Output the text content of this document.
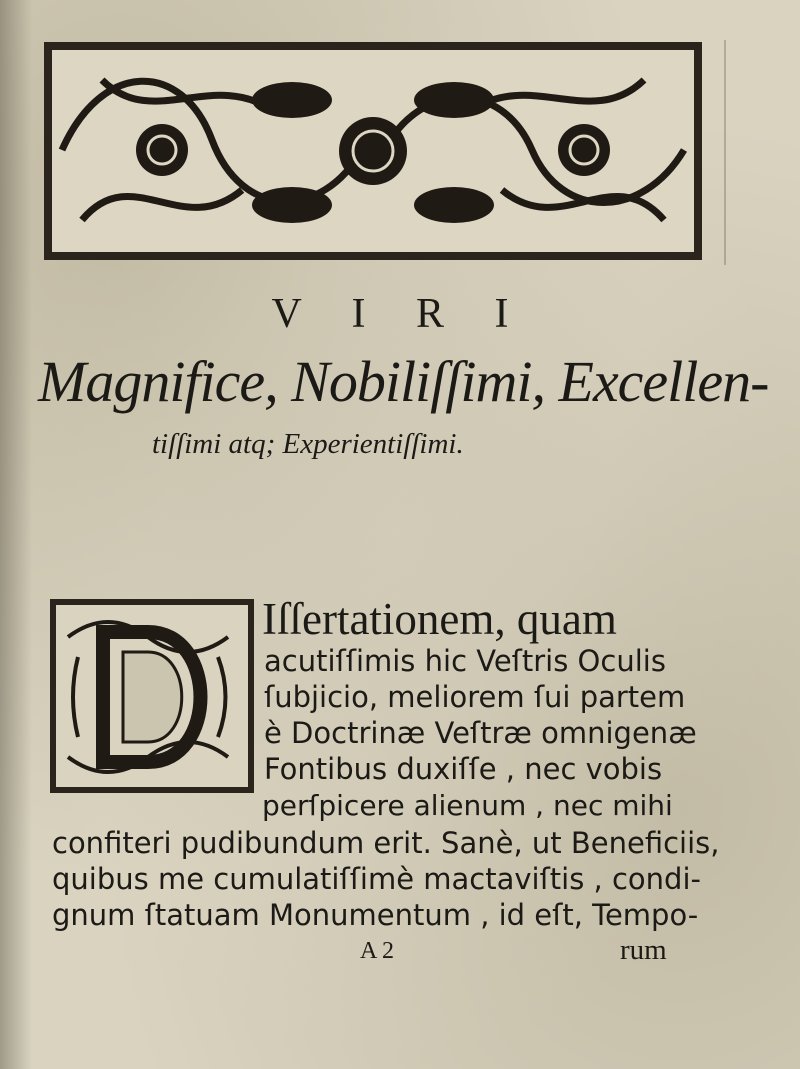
V I R I
Magnifice, Nobiliſſimi, Excellen-
tiſſimi atq; Experientiſſimi.
Iſſertationem, quam
acutiſſimis hic Veſtris Oculis
ſubjicio, meliorem ſui partem
è Doctrinæ Veſtræ omnigenæ
Fontibus duxiſſe , nec vobis
perſpicere alienum , nec mihi
confiteri pudibundum erit. Sanè, ut Beneficiis,
quibus me cumulatiſſimè mactaviſtis , condi-
gnum ſtatuam Monumentum , id eſt, Tempo-
A 2	rum
